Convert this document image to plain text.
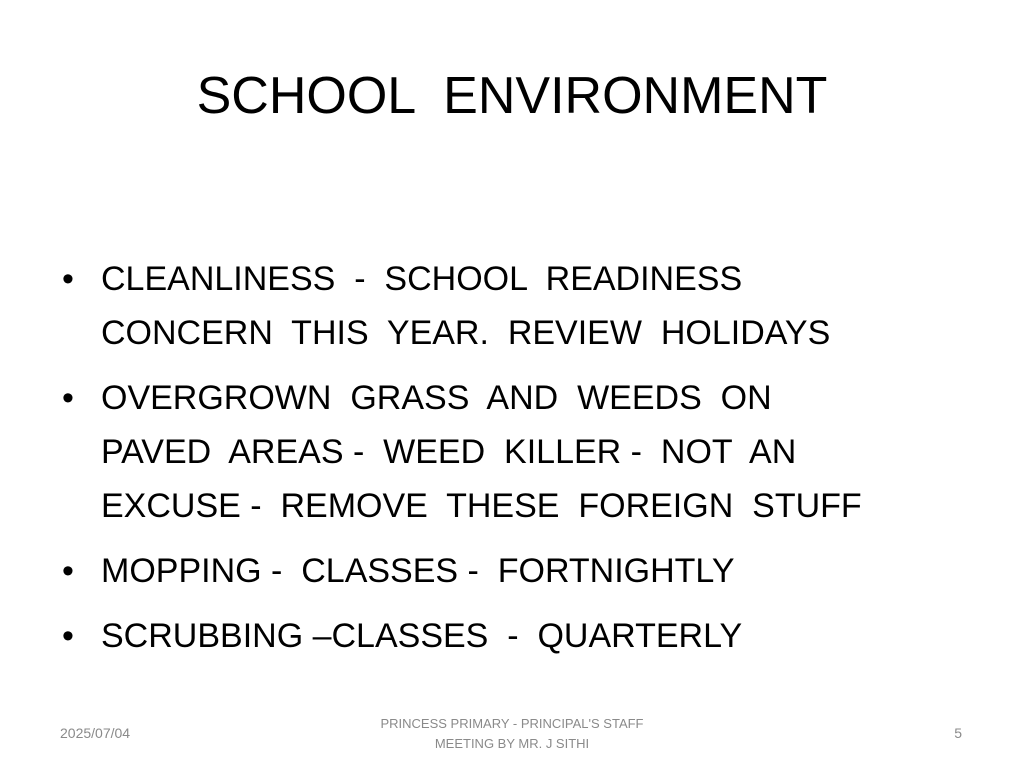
SCHOOL  ENVIRONMENT
• CLEANLINESS  -  SCHOOL  READINESS
CONCERN  THIS  YEAR.  REVIEW  HOLIDAYS
• OVERGROWN  GRASS  AND  WEEDS  ON
PAVED  AREAS -  WEED  KILLER -  NOT  AN
EXCUSE -  REMOVE  THESE  FOREIGN  STUFF
• MOPPING -  CLASSES -  FORTNIGHTLY
• SCRUBBING –CLASSES  -  QUARTERLY
2025/07/04
PRINCESS PRIMARY - PRINCIPAL'S STAFF
MEETING BY MR. J SITHI
5
